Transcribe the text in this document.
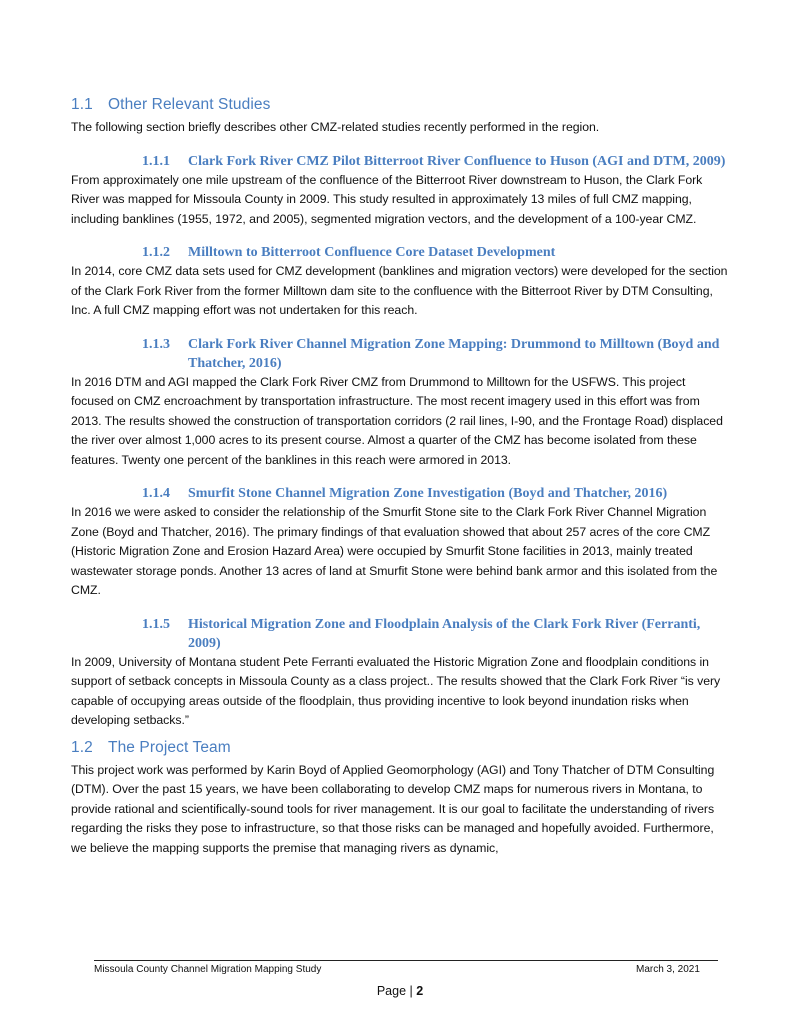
1.1 Other Relevant Studies

The following section briefly describes other CMZ-related studies recently performed in the region.

1.1.1 Clark Fork River CMZ Pilot Bitterroot River Confluence to Huson (AGI and DTM, 2009)

From approximately one mile upstream of the confluence of the Bitterroot River downstream to Huson, the Clark Fork River was mapped for Missoula County in 2009. This study resulted in approximately 13 miles of full CMZ mapping, including banklines (1955, 1972, and 2005), segmented migration vectors, and the development of a 100-year CMZ.

1.1.2 Milltown to Bitterroot Confluence Core Dataset Development

In 2014, core CMZ data sets used for CMZ development (banklines and migration vectors) were developed for the section of the Clark Fork River from the former Milltown dam site to the confluence with the Bitterroot River by DTM Consulting, Inc. A full CMZ mapping effort was not undertaken for this reach.

1.1.3 Clark Fork River Channel Migration Zone Mapping: Drummond to Milltown (Boyd and Thatcher, 2016)

In 2016 DTM and AGI mapped the Clark Fork River CMZ from Drummond to Milltown for the USFWS. This project focused on CMZ encroachment by transportation infrastructure. The most recent imagery used in this effort was from 2013. The results showed the construction of transportation corridors (2 rail lines, I-90, and the Frontage Road) displaced the river over almost 1,000 acres to its present course. Almost a quarter of the CMZ has become isolated from these features. Twenty one percent of the banklines in this reach were armored in 2013.

1.1.4 Smurfit Stone Channel Migration Zone Investigation (Boyd and Thatcher, 2016)

In 2016 we were asked to consider the relationship of the Smurfit Stone site to the Clark Fork River Channel Migration Zone (Boyd and Thatcher, 2016). The primary findings of that evaluation showed that about 257 acres of the core CMZ (Historic Migration Zone and Erosion Hazard Area) were occupied by Smurfit Stone facilities in 2013, mainly treated wastewater storage ponds. Another 13 acres of land at Smurfit Stone were behind bank armor and this isolated from the CMZ.

1.1.5 Historical Migration Zone and Floodplain Analysis of the Clark Fork River (Ferranti, 2009)

In 2009, University of Montana student Pete Ferranti evaluated the Historic Migration Zone and floodplain conditions in support of setback concepts in Missoula County as a class project.. The results showed that the Clark Fork River “is very capable of occupying areas outside of the floodplain, thus providing incentive to look beyond inundation risks when developing setbacks.”

1.2 The Project Team

This project work was performed by Karin Boyd of Applied Geomorphology (AGI) and Tony Thatcher of DTM Consulting (DTM). Over the past 15 years, we have been collaborating to develop CMZ maps for numerous rivers in Montana, to provide rational and scientifically-sound tools for river management. It is our goal to facilitate the understanding of rivers regarding the risks they pose to infrastructure, so that those risks can be managed and hopefully avoided. Furthermore, we believe the mapping supports the premise that managing rivers as dynamic,

Missoula County Channel Migration Mapping Study	March 3, 2021
Page | 2
